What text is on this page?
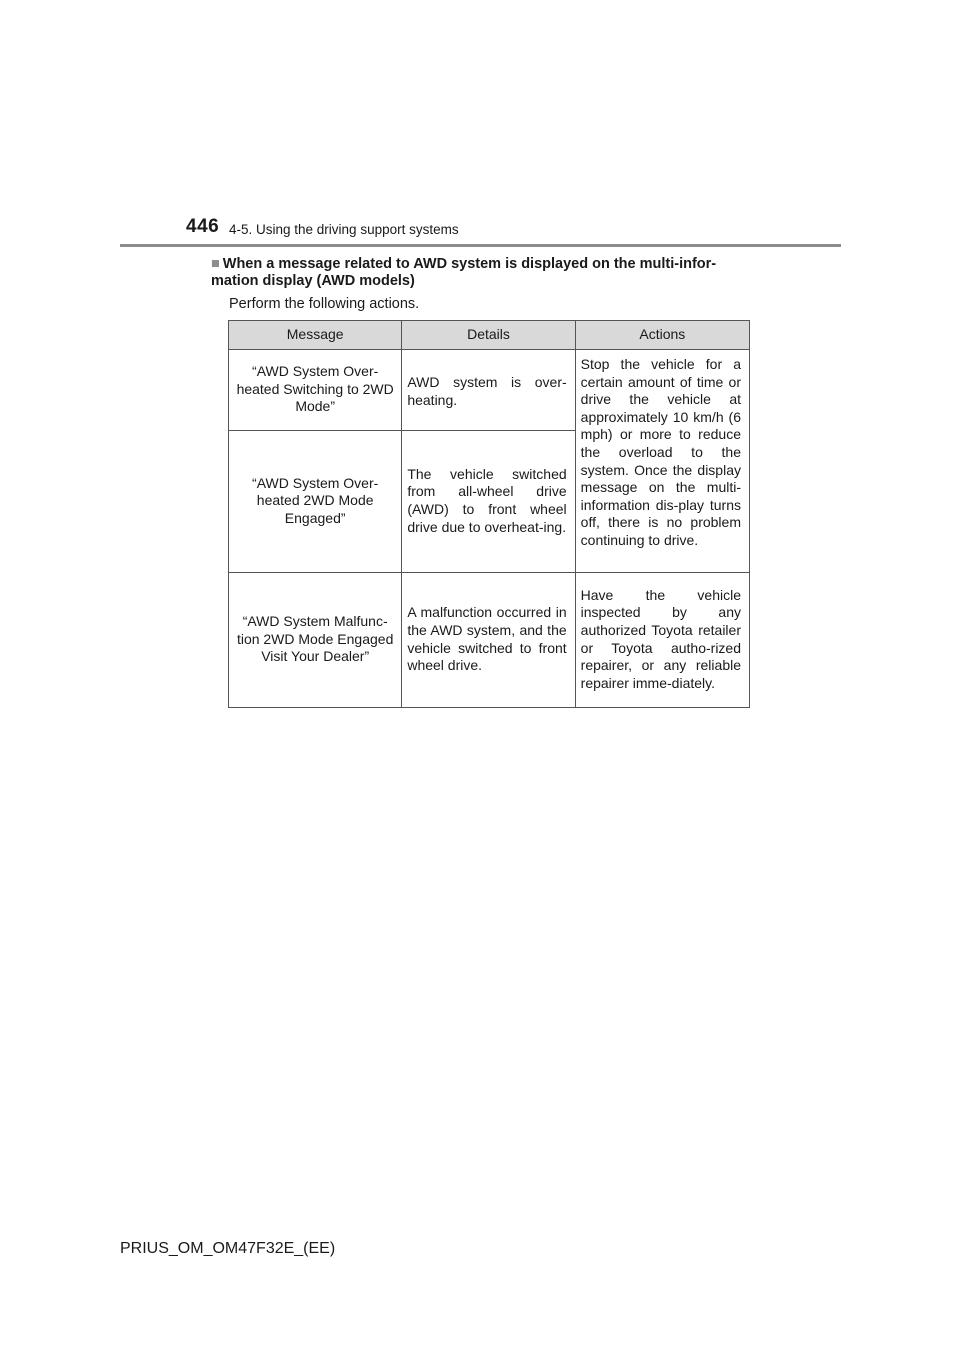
446 4-5. Using the driving support systems
■ When a message related to AWD system is displayed on the multi-infor-mation display (AWD models)
Perform the following actions.
Message	Details	Actions
“AWD System Over-heated Switching to 2WD Mode”	AWD system is over-heating.	Stop the vehicle for a certain amount of time or drive the vehicle at approximately 10 km/h (6 mph) or more to reduce the overload to the system. Once the display message on the multi-information dis-play turns off, there is no problem continuing to drive.
“AWD System Over-heated 2WD Mode Engaged”	The vehicle switched from all-wheel drive (AWD) to front wheel drive due to overheat-ing.	
“AWD System Malfunc-tion 2WD Mode Engaged Visit Your Dealer”	A malfunction occurred in the AWD system, and the vehicle switched to front wheel drive.	Have the vehicle inspected by any authorized Toyota retailer or Toyota autho-rized repairer, or any reliable repairer imme-diately.
PRIUS_OM_OM47F32E_(EE)
